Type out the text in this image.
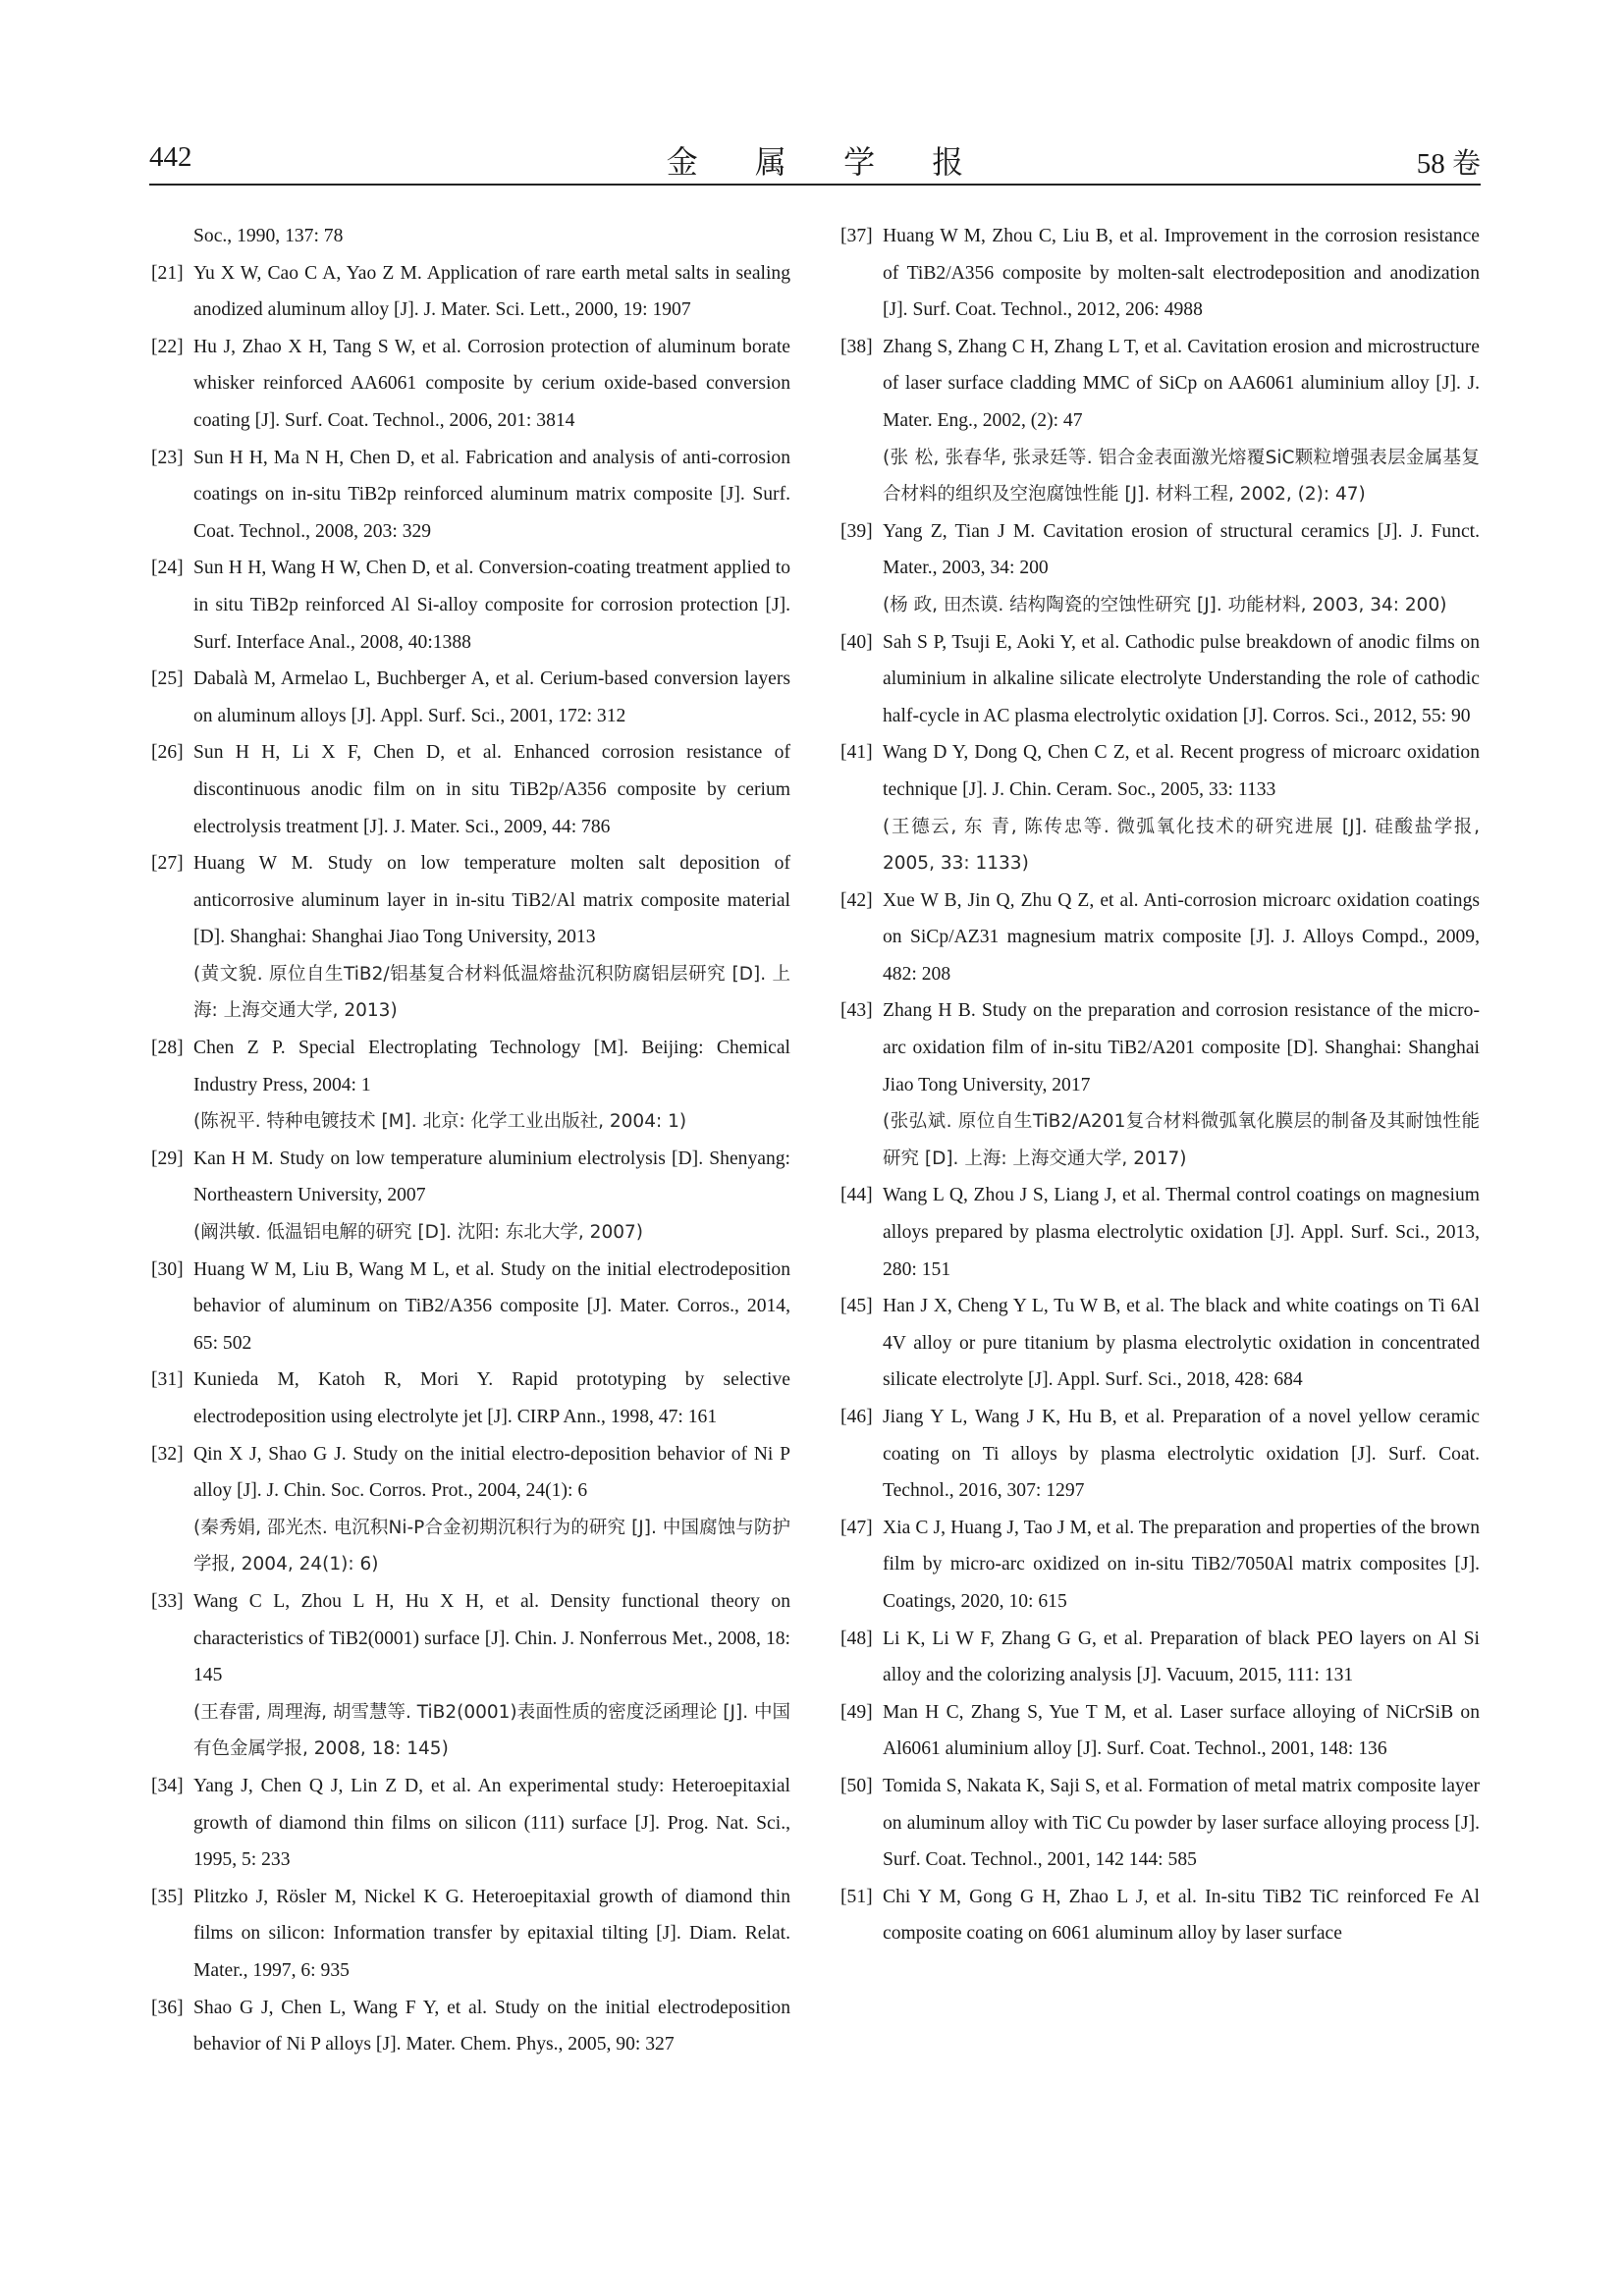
442	金 属 学 报	58 卷

Soc., 1990, 137: 78

[21] Yu X W, Cao C A, Yao Z M. Application of rare earth metal salts in sealing anodized aluminum alloy [J]. J. Mater. Sci. Lett., 2000, 19: 1907

[22] Hu J, Zhao X H, Tang S W, et al. Corrosion protection of aluminum borate whisker reinforced AA6061 composite by cerium oxide-based conversion coating [J]. Surf. Coat. Technol., 2006, 201: 3814

[23] Sun H H, Ma N H, Chen D, et al. Fabrication and analysis of anti-corrosion coatings on in-situ TiB2p reinforced aluminum matrix composite [J]. Surf. Coat. Technol., 2008, 203: 329

[24] Sun H H, Wang H W, Chen D, et al. Conversion-coating treatment applied to in situ TiB2p reinforced Al Si-alloy composite for corrosion protection [J]. Surf. Interface Anal., 2008, 40:1388

[25] Dabalà M, Armelao L, Buchberger A, et al. Cerium-based conversion layers on aluminum alloys [J]. Appl. Surf. Sci., 2001, 172: 312

[26] Sun H H, Li X F, Chen D, et al. Enhanced corrosion resistance of discontinuous anodic film on in situ TiB2p/A356 composite by cerium electrolysis treatment [J]. J. Mater. Sci., 2009, 44: 786

[27] Huang W M. Study on low temperature molten salt deposition of anticorrosive aluminum layer in in-situ TiB2/Al matrix composite material [D]. Shanghai: Shanghai Jiao Tong University, 2013

(黄文貌. 原位自生TiB2/铝基复合材料低温熔盐沉积防腐铝层研究 [D]. 上海: 上海交通大学, 2013)

[28] Chen Z P. Special Electroplating Technology [M]. Beijing: Chemical Industry Press, 2004: 1

(陈祝平. 特种电镀技术 [M]. 北京: 化学工业出版社, 2004: 1)

[29] Kan H M. Study on low temperature aluminium electrolysis [D]. Shenyang: Northeastern University, 2007

(阚洪敏. 低温铝电解的研究 [D]. 沈阳: 东北大学, 2007)

[30] Huang W M, Liu B, Wang M L, et al. Study on the initial electrodeposition behavior of aluminum on TiB2/A356 composite [J]. Mater. Corros., 2014, 65: 502

[31] Kunieda M, Katoh R, Mori Y. Rapid prototyping by selective electrodeposition using electrolyte jet [J]. CIRP Ann., 1998, 47: 161

[32] Qin X J, Shao G J. Study on the initial electro-deposition behavior of Ni P alloy [J]. J. Chin. Soc. Corros. Prot., 2004, 24(1): 6

(秦秀娟, 邵光杰. 电沉积Ni-P合金初期沉积行为的研究 [J]. 中国腐蚀与防护学报, 2004, 24(1): 6)

[33] Wang C L, Zhou L H, Hu X H, et al. Density functional theory on characteristics of TiB2(0001) surface [J]. Chin. J. Nonferrous Met., 2008, 18: 145

(王春雷, 周理海, 胡雪慧等. TiB2(0001)表面性质的密度泛函理论 [J]. 中国有色金属学报, 2008, 18: 145)

[34] Yang J, Chen Q J, Lin Z D, et al. An experimental study: Heteroepitaxial growth of diamond thin films on silicon (111) surface [J]. Prog. Nat. Sci., 1995, 5: 233

[35] Plitzko J, Rösler M, Nickel K G. Heteroepitaxial growth of diamond thin films on silicon: Information transfer by epitaxial tilting [J]. Diam. Relat. Mater., 1997, 6: 935

[36] Shao G J, Chen L, Wang F Y, et al. Study on the initial electrodeposition behavior of Ni P alloys [J]. Mater. Chem. Phys., 2005, 90: 327

[37] Huang W M, Zhou C, Liu B, et al. Improvement in the corrosion resistance of TiB2/A356 composite by molten-salt electrodeposition and anodization [J]. Surf. Coat. Technol., 2012, 206: 4988

[38] Zhang S, Zhang C H, Zhang L T, et al. Cavitation erosion and microstructure of laser surface cladding MMC of SiCp on AA6061 aluminium alloy [J]. J. Mater. Eng., 2002, (2): 47

(张 松, 张春华, 张录廷等. 铝合金表面激光熔覆SiC颗粒增强表层金属基复合材料的组织及空泡腐蚀性能 [J]. 材料工程, 2002, (2): 47)

[39] Yang Z, Tian J M. Cavitation erosion of structural ceramics [J]. J. Funct. Mater., 2003, 34: 200

(杨 政, 田杰谟. 结构陶瓷的空蚀性研究 [J]. 功能材料, 2003, 34: 200)

[40] Sah S P, Tsuji E, Aoki Y, et al. Cathodic pulse breakdown of anodic films on aluminium in alkaline silicate electrolyte Understanding the role of cathodic half-cycle in AC plasma electrolytic oxidation [J]. Corros. Sci., 2012, 55: 90

[41] Wang D Y, Dong Q, Chen C Z, et al. Recent progress of microarc oxidation technique [J]. J. Chin. Ceram. Soc., 2005, 33: 1133

(王德云, 东 青, 陈传忠等. 微弧氧化技术的研究进展 [J]. 硅酸盐学报, 2005, 33: 1133)

[42] Xue W B, Jin Q, Zhu Q Z, et al. Anti-corrosion microarc oxidation coatings on SiCp/AZ31 magnesium matrix composite [J]. J. Alloys Compd., 2009, 482: 208

[43] Zhang H B. Study on the preparation and corrosion resistance of the micro-arc oxidation film of in-situ TiB2/A201 composite [D]. Shanghai: Shanghai Jiao Tong University, 2017

(张弘斌. 原位自生TiB2/A201复合材料微弧氧化膜层的制备及其耐蚀性能研究 [D]. 上海: 上海交通大学, 2017)

[44] Wang L Q, Zhou J S, Liang J, et al. Thermal control coatings on magnesium alloys prepared by plasma electrolytic oxidation [J]. Appl. Surf. Sci., 2013, 280: 151

[45] Han J X, Cheng Y L, Tu W B, et al. The black and white coatings on Ti 6Al 4V alloy or pure titanium by plasma electrolytic oxidation in concentrated silicate electrolyte [J]. Appl. Surf. Sci., 2018, 428: 684

[46] Jiang Y L, Wang J K, Hu B, et al. Preparation of a novel yellow ceramic coating on Ti alloys by plasma electrolytic oxidation [J]. Surf. Coat. Technol., 2016, 307: 1297

[47] Xia C J, Huang J, Tao J M, et al. The preparation and properties of the brown film by micro-arc oxidized on in-situ TiB2/7050Al matrix composites [J]. Coatings, 2020, 10: 615

[48] Li K, Li W F, Zhang G G, et al. Preparation of black PEO layers on Al Si alloy and the colorizing analysis [J]. Vacuum, 2015, 111: 131

[49] Man H C, Zhang S, Yue T M, et al. Laser surface alloying of NiCrSiB on Al6061 aluminium alloy [J]. Surf. Coat. Technol., 2001, 148: 136

[50] Tomida S, Nakata K, Saji S, et al. Formation of metal matrix composite layer on aluminum alloy with TiC Cu powder by laser surface alloying process [J]. Surf. Coat. Technol., 2001, 142 144: 585

[51] Chi Y M, Gong G H, Zhao L J, et al. In-situ TiB2 TiC reinforced Fe Al composite coating on 6061 aluminum alloy by laser surface
